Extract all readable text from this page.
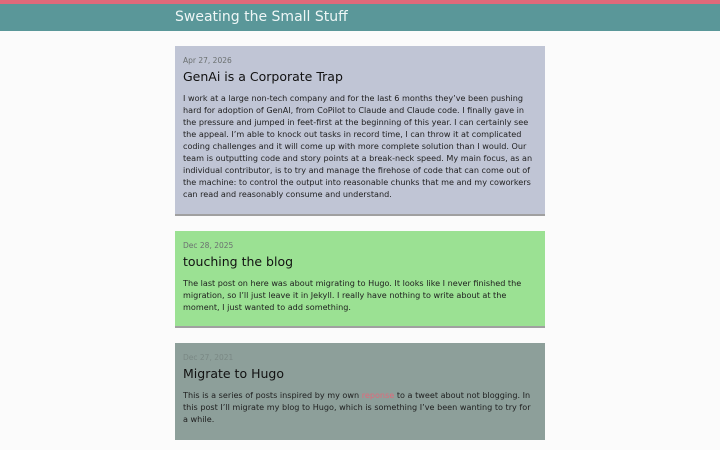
Sweating the Small Stuff
Apr 27, 2026
GenAi is a Corporate Trap

I work at a large non-tech company and for the last 6 months they’ve been pushing hard for adoption of GenAI, from CoPilot to Claude and Claude code. I finally gave in the pressure and jumped in feet-first at the beginning of this year. I can certainly see the appeal. I’m able to knock out tasks in record time, I can throw it at complicated coding challenges and it will come up with more complete solution than I would. Our team is outputting code and story points at a break-neck speed. My main focus, as an individual contributor, is to try and manage the firehose of code that can come out of the machine: to control the output into reasonable chunks that me and my coworkers can read and reasonably consume and understand.

Dec 28, 2025
touching the blog

The last post on here was about migrating to Hugo. It looks like I never finished the migration, so I’ll just leave it in Jekyll. I really have nothing to write about at the moment, I just wanted to add something.

Dec 27, 2021
Migrate to Hugo

This is a series of posts inspired by my own reponse to a tweet about not blogging. In this post I’ll migrate my blog to Hugo, which is something I’ve been wanting to try for a while.
